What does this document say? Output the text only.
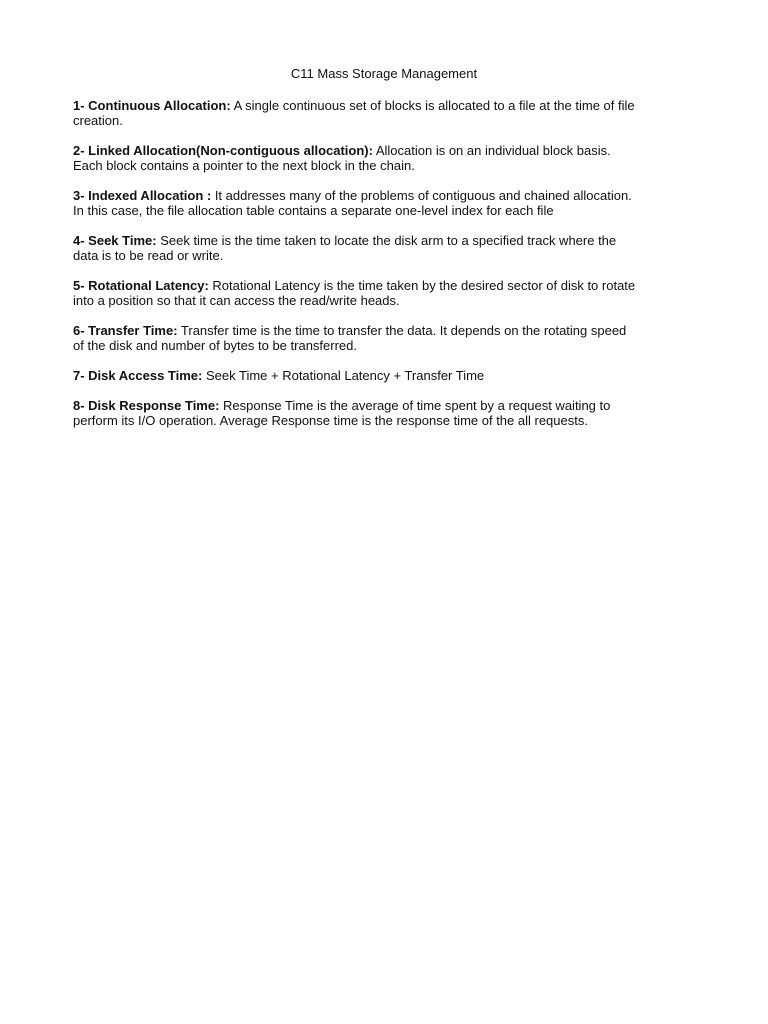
C11 Mass Storage Management

1- Continuous Allocation: A single continuous set of blocks is allocated to a file at the time of file
creation.

2- Linked Allocation(Non-contiguous allocation): Allocation is on an individual block basis.
Each block contains a pointer to the next block in the chain.

3- Indexed Allocation : It addresses many of the problems of contiguous and chained allocation.
In this case, the file allocation table contains a separate one-level index for each file

4- Seek Time: Seek time is the time taken to locate the disk arm to a specified track where the
data is to be read or write.

5- Rotational Latency: Rotational Latency is the time taken by the desired sector of disk to rotate
into a position so that it can access the read/write heads.

6- Transfer Time: Transfer time is the time to transfer the data. It depends on the rotating speed
of the disk and number of bytes to be transferred.

7- Disk Access Time: Seek Time + Rotational Latency + Transfer Time

8- Disk Response Time: Response Time is the average of time spent by a request waiting to
perform its I/O operation. Average Response time is the response time of the all requests.
